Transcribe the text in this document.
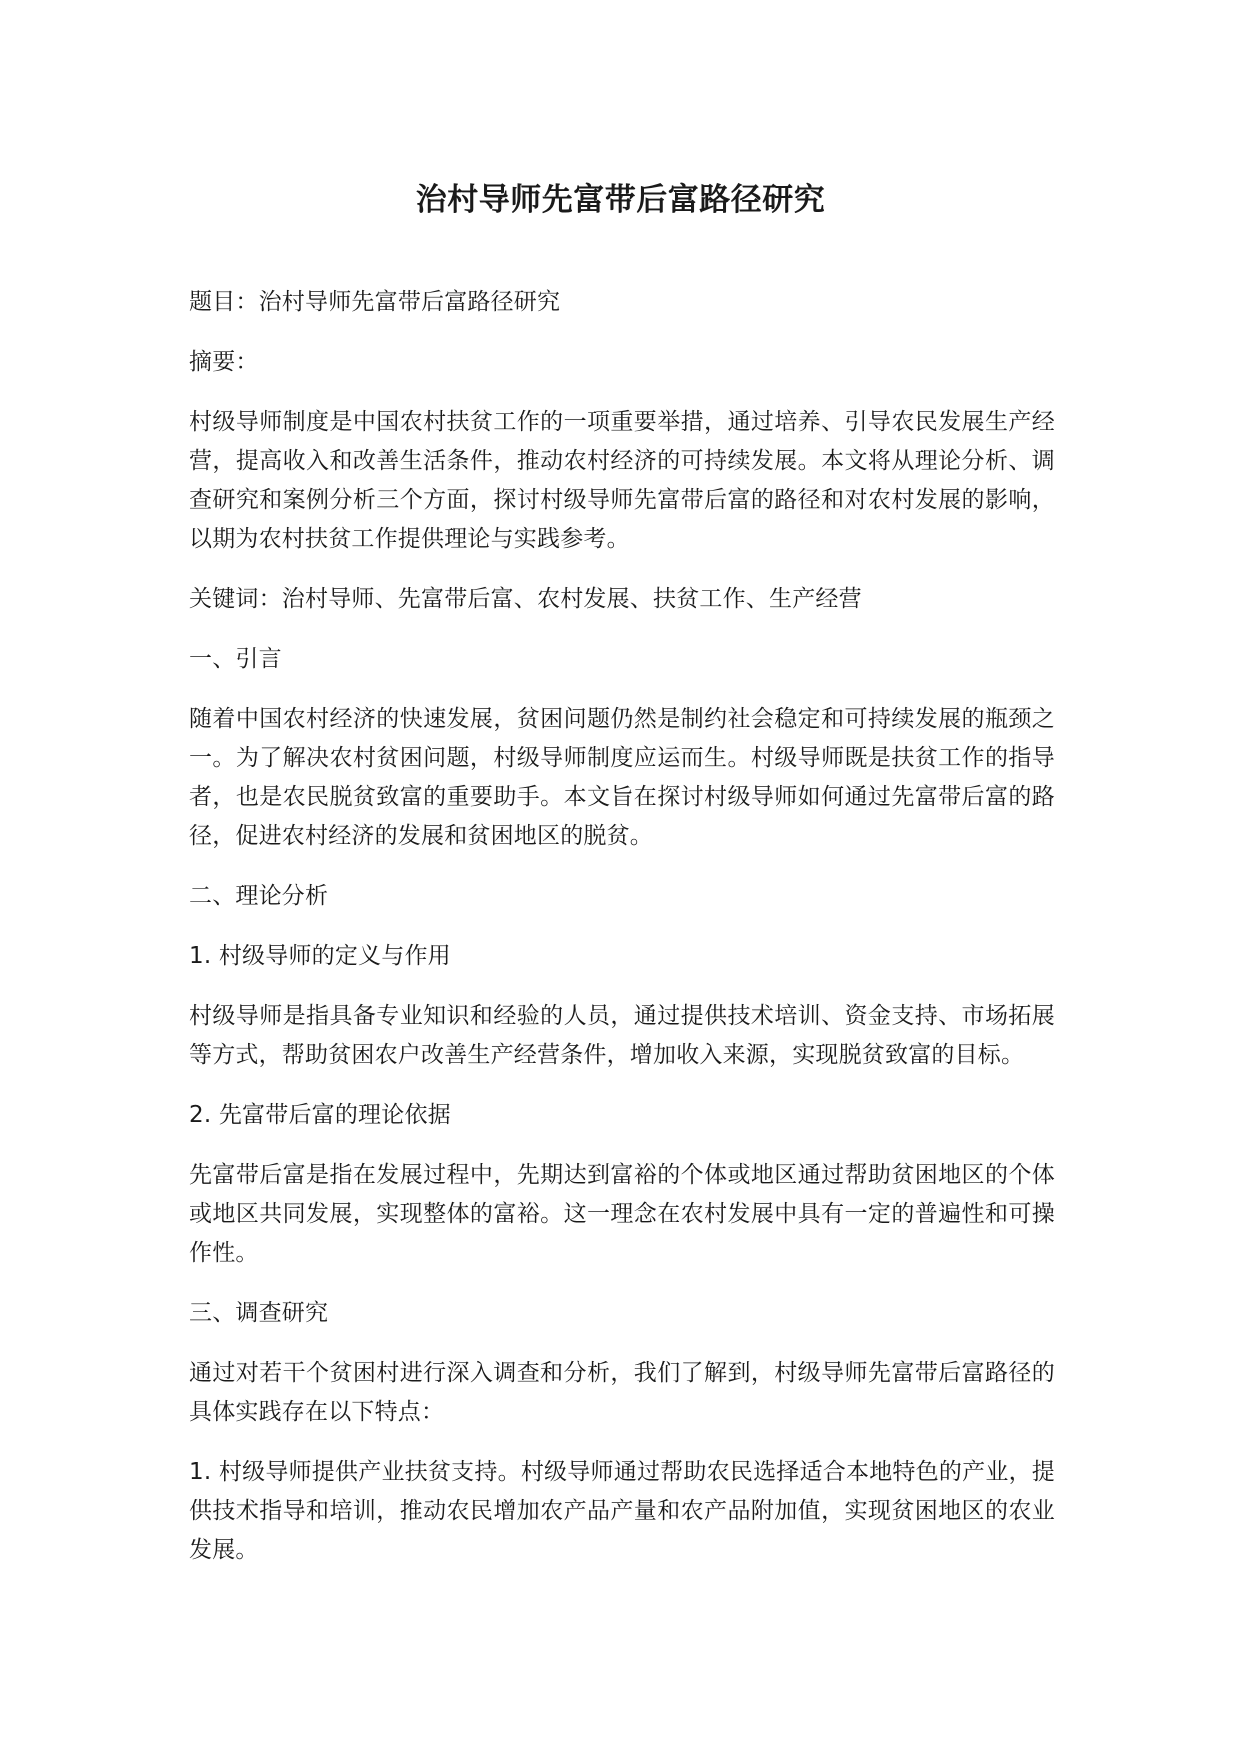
治村导师先富带后富路径研究

题目：治村导师先富带后富路径研究

摘要：

村级导师制度是中国农村扶贫工作的一项重要举措，通过培养、引导农民发展生产经营，提高收入和改善生活条件，推动农村经济的可持续发展。本文将从理论分析、调查研究和案例分析三个方面，探讨村级导师先富带后富的路径和对农村发展的影响，以期为农村扶贫工作提供理论与实践参考。

关键词：治村导师、先富带后富、农村发展、扶贫工作、生产经营

一、引言

随着中国农村经济的快速发展，贫困问题仍然是制约社会稳定和可持续发展的瓶颈之一。为了解决农村贫困问题，村级导师制度应运而生。村级导师既是扶贫工作的指导者，也是农民脱贫致富的重要助手。本文旨在探讨村级导师如何通过先富带后富的路径，促进农村经济的发展和贫困地区的脱贫。

二、理论分析

1. 村级导师的定义与作用

村级导师是指具备专业知识和经验的人员，通过提供技术培训、资金支持、市场拓展等方式，帮助贫困农户改善生产经营条件，增加收入来源，实现脱贫致富的目标。

2. 先富带后富的理论依据

先富带后富是指在发展过程中，先期达到富裕的个体或地区通过帮助贫困地区的个体或地区共同发展，实现整体的富裕。这一理念在农村发展中具有一定的普遍性和可操作性。

三、调查研究

通过对若干个贫困村进行深入调查和分析，我们了解到，村级导师先富带后富路径的具体实践存在以下特点：

1. 村级导师提供产业扶贫支持。村级导师通过帮助农民选择适合本地特色的产业，提供技术指导和培训，推动农民增加农产品产量和农产品附加值，实现贫困地区的农业发展。
